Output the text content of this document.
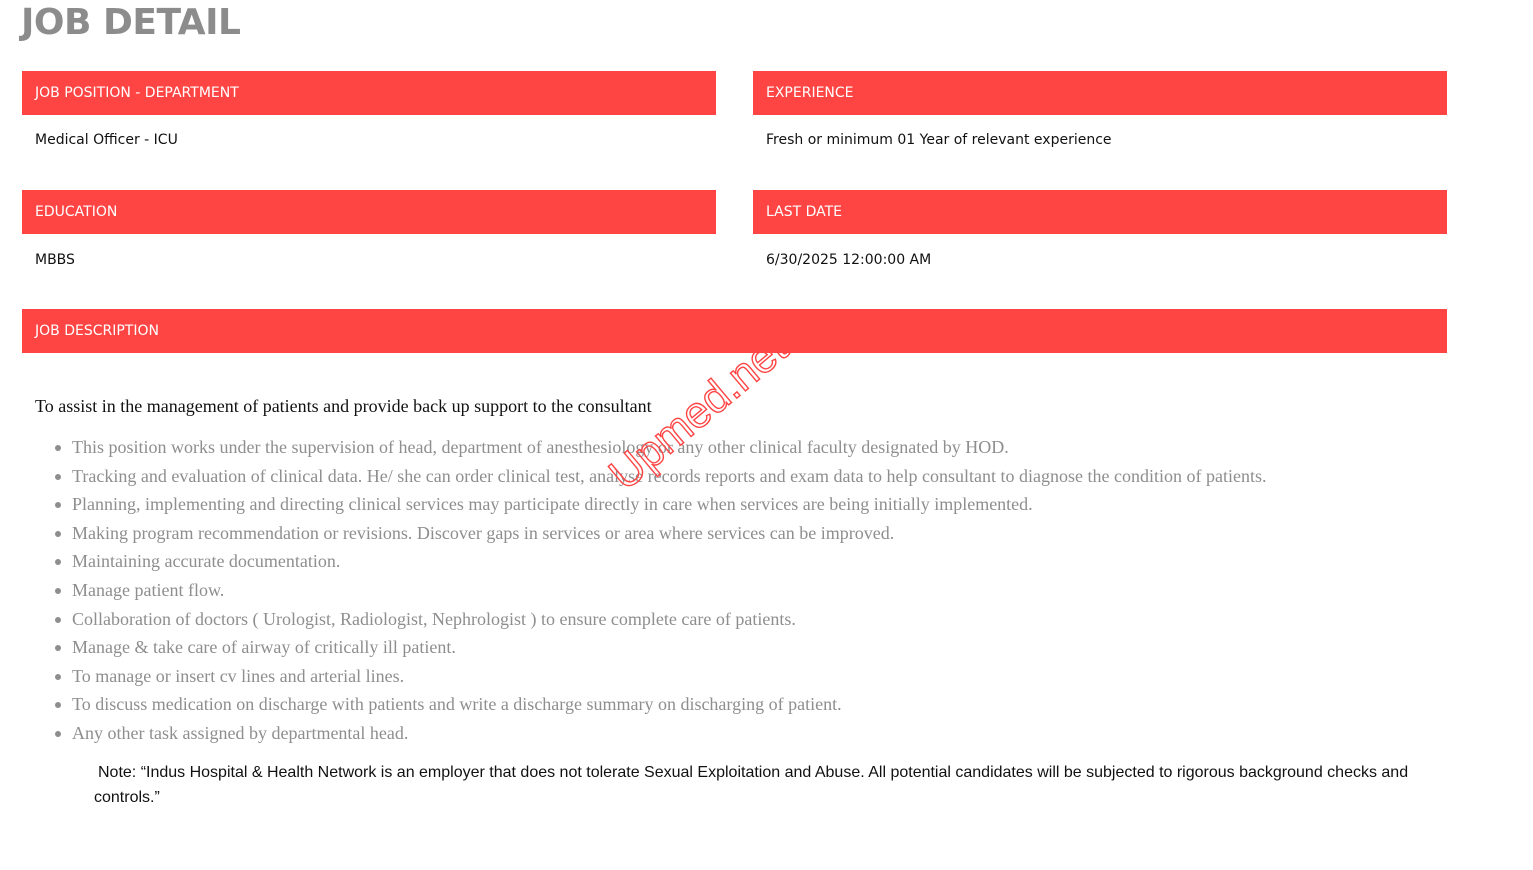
JOB DETAIL
JOB POSITION - DEPARTMENT
Medical Officer - ICU
EXPERIENCE
Fresh or minimum 01 Year of relevant experience
EDUCATION
MBBS
LAST DATE
6/30/2025 12:00:00 AM
JOB DESCRIPTION

To assist in the management of patients and provide back up support to the consultant

This position works under the supervision of head, department of anesthesiology or any other clinical faculty designated by HOD.
Tracking and evaluation of clinical data. He/ she can order clinical test, analyse records reports and exam data to help consultant to diagnose the condition of patients.
Planning, implementing and directing clinical services may participate directly in care when services are being initially implemented.
Making program recommendation or revisions. Discover gaps in services or area where services can be improved.
Maintaining accurate documentation.
Manage patient flow.
Collaboration of doctors ( Urologist, Radiologist, Nephrologist ) to ensure complete care of patients.
Manage & take care of airway of critically ill patient.
To manage or insert cv lines and arterial lines.
To discuss medication on discharge with patients and write a discharge summary on discharging of patient.
Any other task assigned by departmental head.

Note: “Indus Hospital & Health Network is an employer that does not tolerate Sexual Exploitation and Abuse. All potential candidates will be subjected to rigorous background checks and controls.”

Upmed.net
